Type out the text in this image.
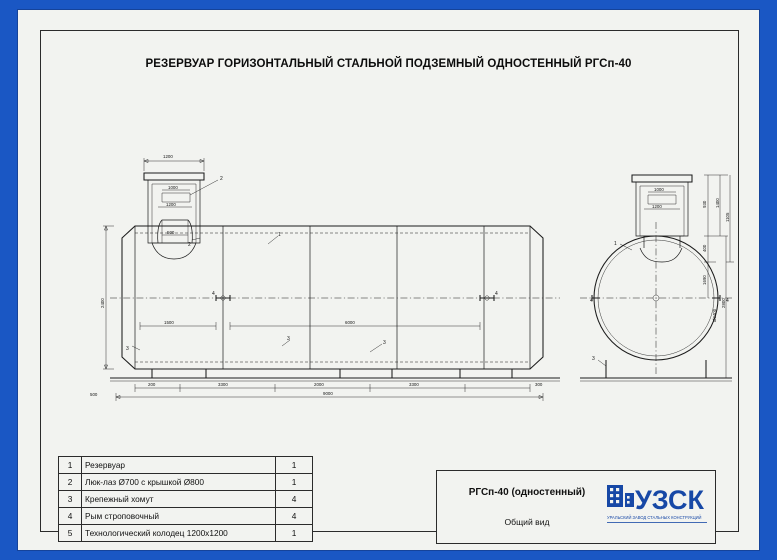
РЕЗЕРВУАР ГОРИЗОНТАЛЬНЫЙ СТАЛЬНОЙ ПОДЗЕМНЫЙ ОДНОСТЕННЫЙ РГСп-40
1200
1000
1200
500
2400
1500	6000
200	3300	2000	3300	300
500	9000
2
2
1
3
3
3
4	4
1000
1200	930
400
1690
1400
1105
2800
Ø2400
1
3
4	4
1	Резервуар	1
2	Люк-лаз Ø700 с крышкой Ø800	1
3	Крепежный хомут	4
4	Рым строповочный	4
5	Технологический колодец 1200x1200	1
РГСп-40 (одностенный)
Общий вид
УЗСК
УРАЛЬСКИЙ ЗАВОД СТАЛЬНЫХ КОНСТРУКЦИЙ
